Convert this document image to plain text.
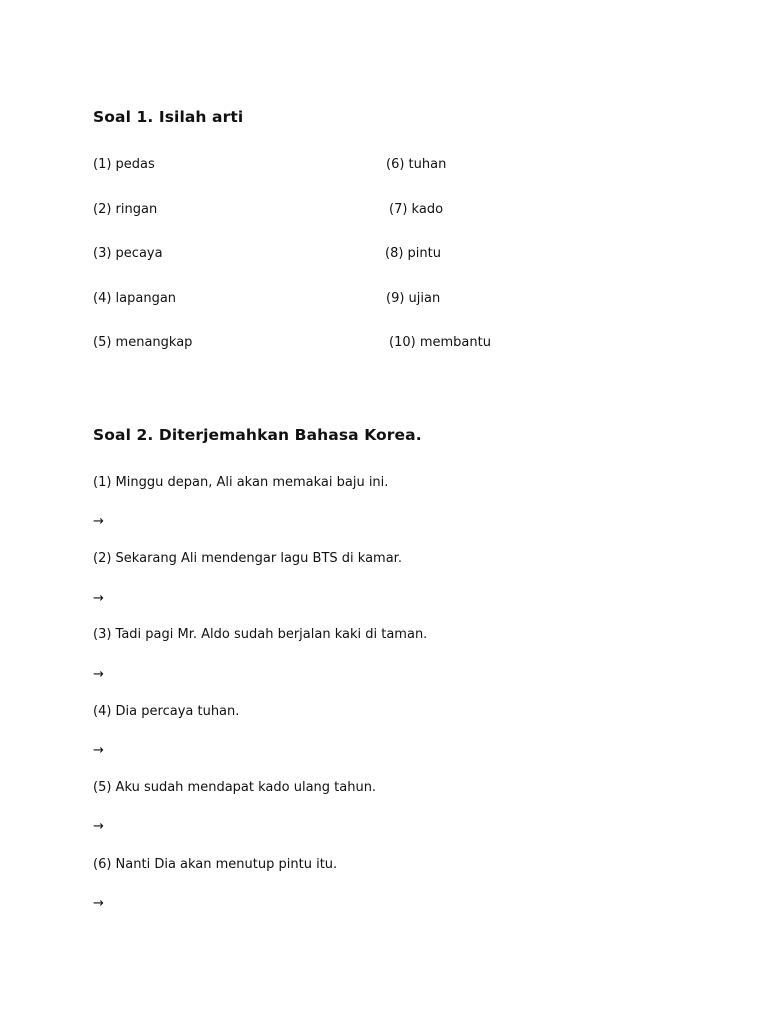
Soal 1. Isilah arti
(1) pedas	(6) tuhan
(2) ringan	(7) kado
(3) pecaya	(8) pintu
(4) lapangan	(9) ujian
(5) menangkap	(10) membantu
Soal 2. Diterjemahkan Bahasa Korea.
(1) Minggu depan, Ali akan memakai baju ini.
→
(2) Sekarang Ali mendengar lagu BTS di kamar.
→
(3) Tadi pagi Mr. Aldo sudah berjalan kaki di taman.
→
(4) Dia percaya tuhan.
→
(5) Aku sudah mendapat kado ulang tahun.
→
(6) Nanti Dia akan menutup pintu itu.
→
